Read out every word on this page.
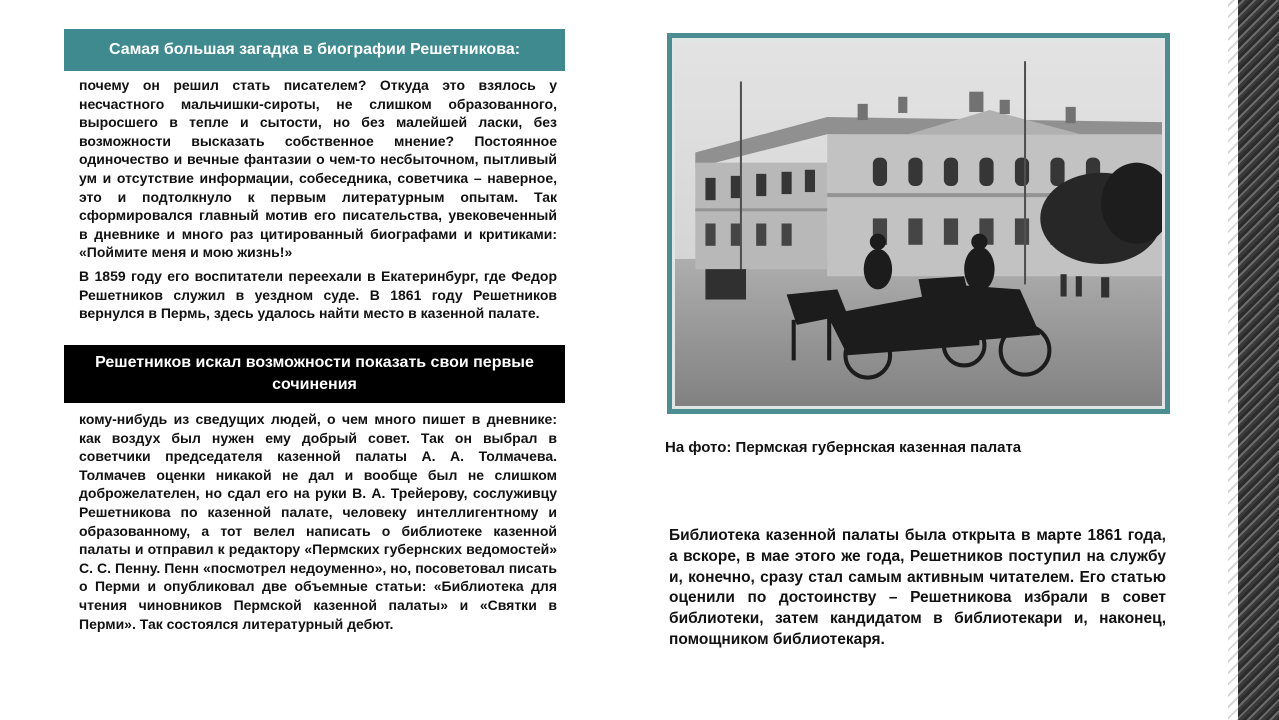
Самая большая загадка в биографии Решетникова:

почему он решил стать писателем? Откуда это взялось у несчастного мальчишки-сироты, не слишком образованного, выросшего в тепле и сытости, но без малейшей ласки, без возможности высказать собственное мнение? Постоянное одиночество и вечные фантазии о чем-то несбыточном, пытливый ум и отсутствие информации, собеседника, советчика – наверное, это и подтолкнуло к первым литературным опытам. Так сформировался главный мотив его писательства, увековеченный в дневнике и много раз цитированный биографами и критиками: «Поймите меня и мою жизнь!»

В 1859 году его воспитатели переехали в Екатеринбург, где Федор Решетников служил в уездном суде. В 1861 году Решетников вернулся в Пермь, здесь удалось найти место в казенной палате.

Решетников искал возможности показать свои первые сочинения

кому-нибудь из сведущих людей, о чем много пишет в дневнике: как воздух был нужен ему добрый совет. Так он выбрал в советчики председателя казенной палаты А. А. Толмачева. Толмачев оценки никакой не дал и вообще был не слишком доброжелателен, но сдал его на руки В. А. Трейерову, сослуживцу Решетникова по казенной палате, человеку интеллигентному и образованному, а тот велел написать о библиотеке казенной палаты и отправил к редактору «Пермских губернских ведомостей» С. С. Пенну. Пенн «посмотрел недоуменно», но, посоветовал писать о Перми и опубликовал две объемные статьи: «Библиотека для чтения чиновников Пермской казенной палаты» и «Святки в Перми». Так состоялся литературный дебют.

На фото: Пермская губернская казенная палата

Библиотека казенной палаты была открыта в марте 1861 года, а вскоре, в мае этого же года, Решетников поступил на службу и, конечно, сразу стал самым активным читателем. Его статью оценили по достоинству – Решетникова избрали в совет библиотеки, затем кандидатом в библиотекари и, наконец, помощником библиотекаря.
